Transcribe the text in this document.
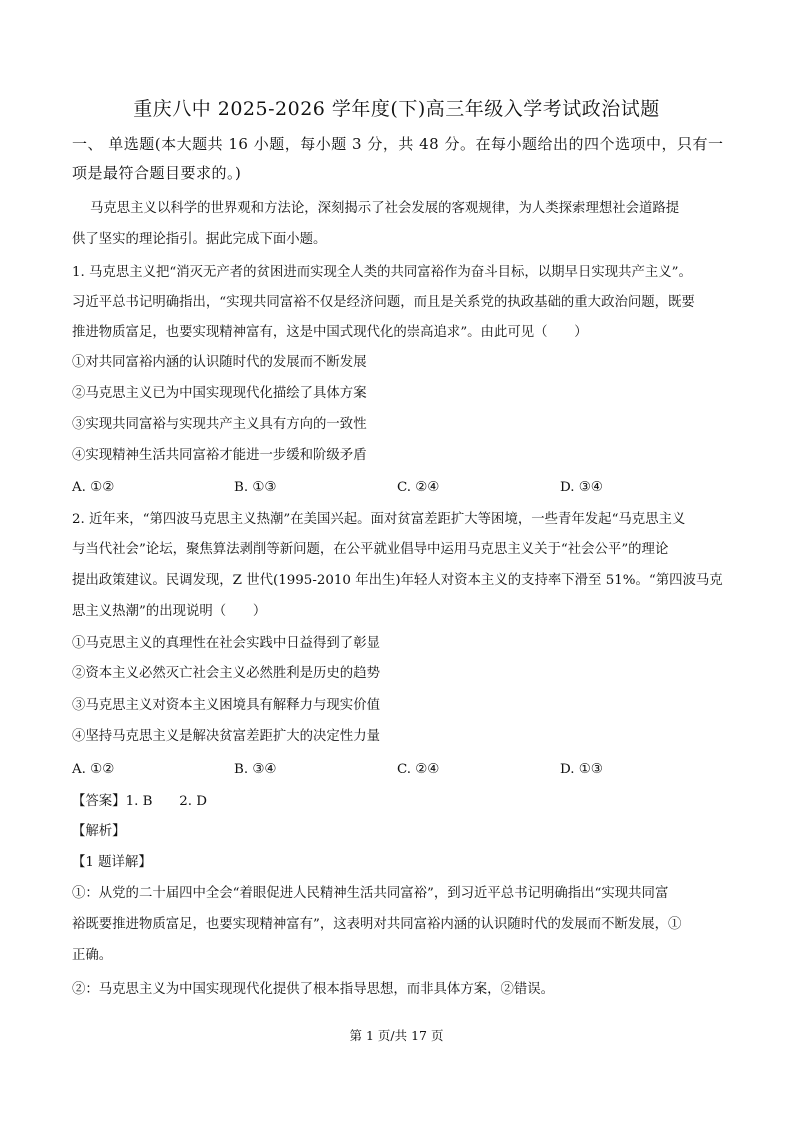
重庆八中 2025-2026 学年度(下)高三年级入学考试政治试题
一、 单选题(本大题共 16 小题，每小题 3 分，共 48 分。在每小题给出的四个选项中，只有一
项是最符合题目要求的。)
马克思主义以科学的世界观和方法论，深刻揭示了社会发展的客观规律，为人类探索理想社会道路提
供了坚实的理论指引。据此完成下面小题。
1. 马克思主义把“消灭无产者的贫困进而实现全人类的共同富裕作为奋斗目标，以期早日实现共产主义”。
习近平总书记明确指出，“实现共同富裕不仅是经济问题，而且是关系党的执政基础的重大政治问题，既要
推进物质富足，也要实现精神富有，这是中国式现代化的崇高追求”。由此可见（　　）
①对共同富裕内涵的认识随时代的发展而不断发展
②马克思主义已为中国实现现代化描绘了具体方案
③实现共同富裕与实现共产主义具有方向的一致性
④实现精神生活共同富裕才能进一步缓和阶级矛盾
A. ①②	B. ①③	C. ②④	D. ③④
2. 近年来，“第四波马克思主义热潮”在美国兴起。面对贫富差距扩大等困境，一些青年发起“马克思主义
与当代社会”论坛，聚焦算法剥削等新问题，在公平就业倡导中运用马克思主义关于“社会公平”的理论
提出政策建议。民调发现，Z 世代(1995-2010 年出生)年轻人对资本主义的支持率下滑至 51%。“第四波马克
思主义热潮”的出现说明（　　）
①马克思主义的真理性在社会实践中日益得到了彰显
②资本主义必然灭亡社会主义必然胜利是历史的趋势
③马克思主义对资本主义困境具有解释力与现实价值
④坚持马克思主义是解决贫富差距扩大的决定性力量
A. ①②	B. ③④	C. ②④	D. ①③
【答案】1. B　　2. D
【解析】
【1 题详解】
①：从党的二十届四中全会“着眼促进人民精神生活共同富裕”，到习近平总书记明确指出“实现共同富
裕既要推进物质富足，也要实现精神富有”，这表明对共同富裕内涵的认识随时代的发展而不断发展，①
正确。
②：马克思主义为中国实现现代化提供了根本指导思想，而非具体方案，②错误。
第 1 页/共 17 页
